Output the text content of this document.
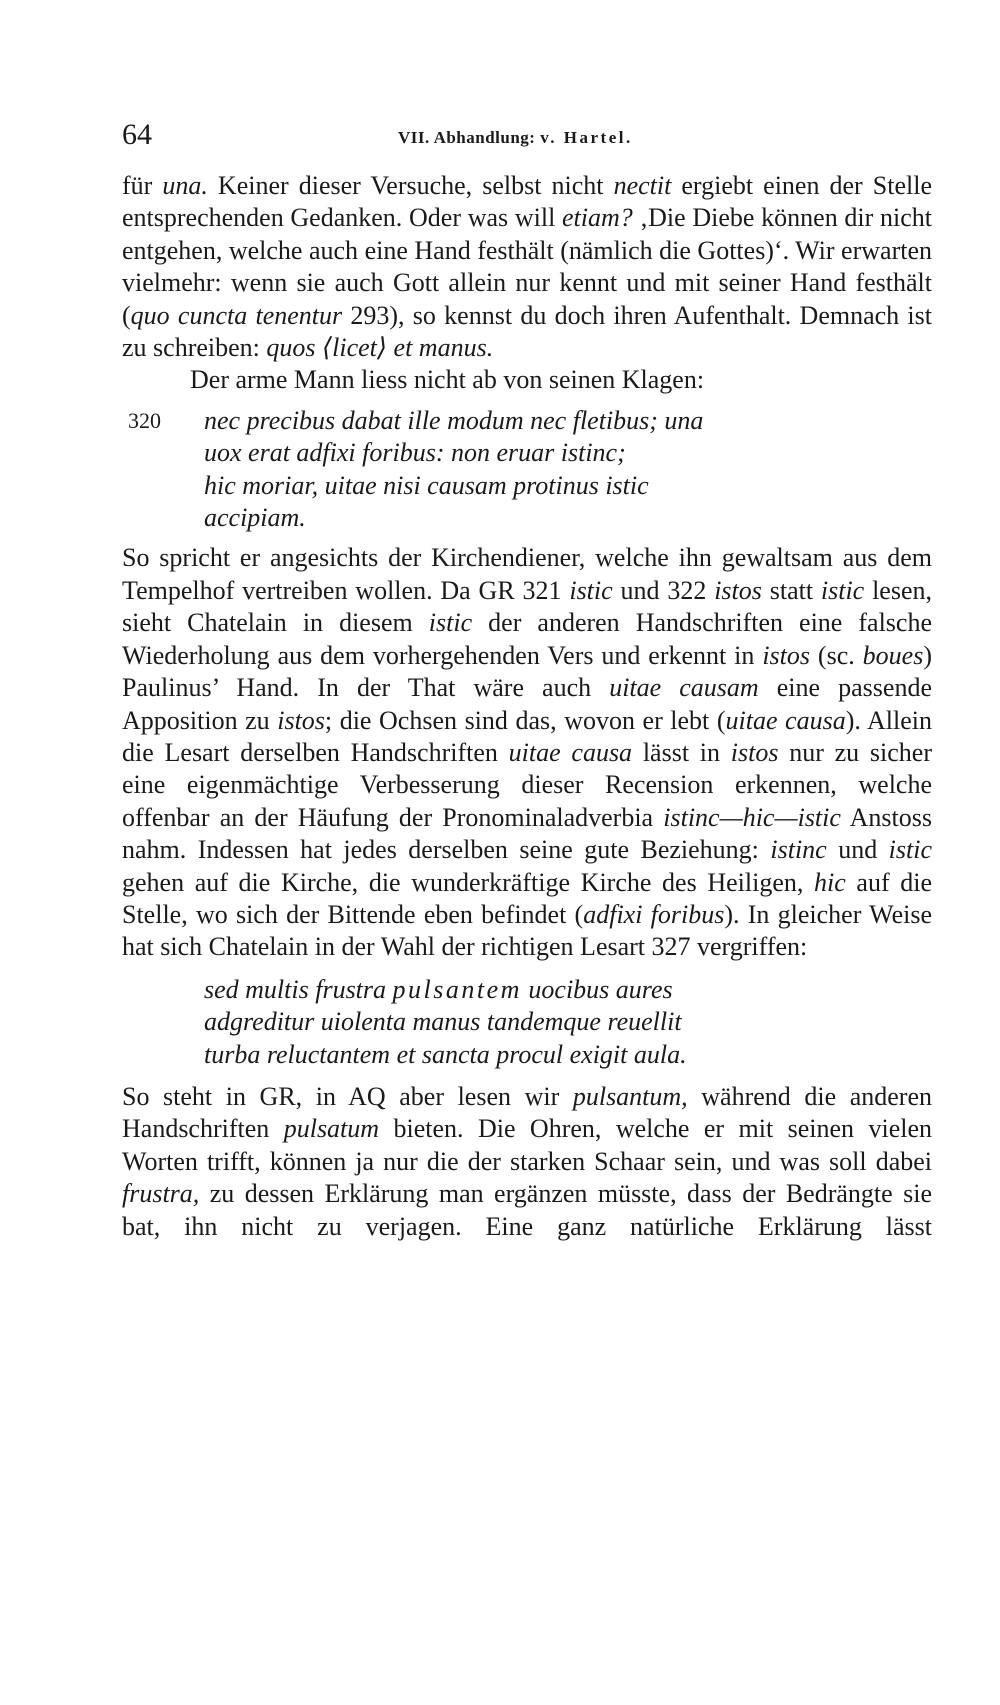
64	VII. Abhandlung: v. Hartel.

für una. Keiner dieser Versuche, selbst nicht nectit ergiebt einen der Stelle entsprechenden Gedanken. Oder was will etiam? ‚Die Diebe können dir nicht entgehen, welche auch eine Hand festhält (nämlich die Gottes)‘. Wir erwarten vielmehr: wenn sie auch Gott allein nur kennt und mit seiner Hand festhält (quo cuncta tenentur 293), so kennst du doch ihren Aufenthalt. Demnach ist zu schreiben: quos ⟨licet⟩ et manus.

Der arme Mann liess nicht ab von seinen Klagen:

320 nec precibus dabat ille modum nec fletibus; una
uox erat adfixi foribus: non eruar istinc;
hic moriar, uitae nisi causam protinus istic
accipiam.

So spricht er angesichts der Kirchendiener, welche ihn gewaltsam aus dem Tempelhof vertreiben wollen. Da GR 321 istic und 322 istos statt istic lesen, sieht Chatelain in diesem istic der anderen Handschriften eine falsche Wiederholung aus dem vorhergehenden Vers und erkennt in istos (sc. boues) Paulinus’ Hand. In der That wäre auch uitae causam eine passende Apposition zu istos; die Ochsen sind das, wovon er lebt (uitae causa). Allein die Lesart derselben Handschriften uitae causa lässt in istos nur zu sicher eine eigenmächtige Verbesserung dieser Recension erkennen, welche offenbar an der Häufung der Pronominaladverbia istinc—hic—istic Anstoss nahm. Indessen hat jedes derselben seine gute Beziehung: istinc und istic gehen auf die Kirche, die wunderkräftige Kirche des Heiligen, hic auf die Stelle, wo sich der Bittende eben befindet (adfixi foribus). In gleicher Weise hat sich Chatelain in der Wahl der richtigen Lesart 327 vergriffen:

sed multis frustra pulsantem uocibus aures
adgreditur uiolenta manus tandemque reuellit
turba reluctantem et sancta procul exigit aula.

So steht in GR, in AQ aber lesen wir pulsantum, während die anderen Handschriften pulsatum bieten. Die Ohren, welche er mit seinen vielen Worten trifft, können ja nur die der starken Schaar sein, und was soll dabei frustra, zu dessen Erklärung man ergänzen müsste, dass der Bedrängte sie bat, ihn nicht zu verjagen. Eine ganz natürliche Erklärung lässt
